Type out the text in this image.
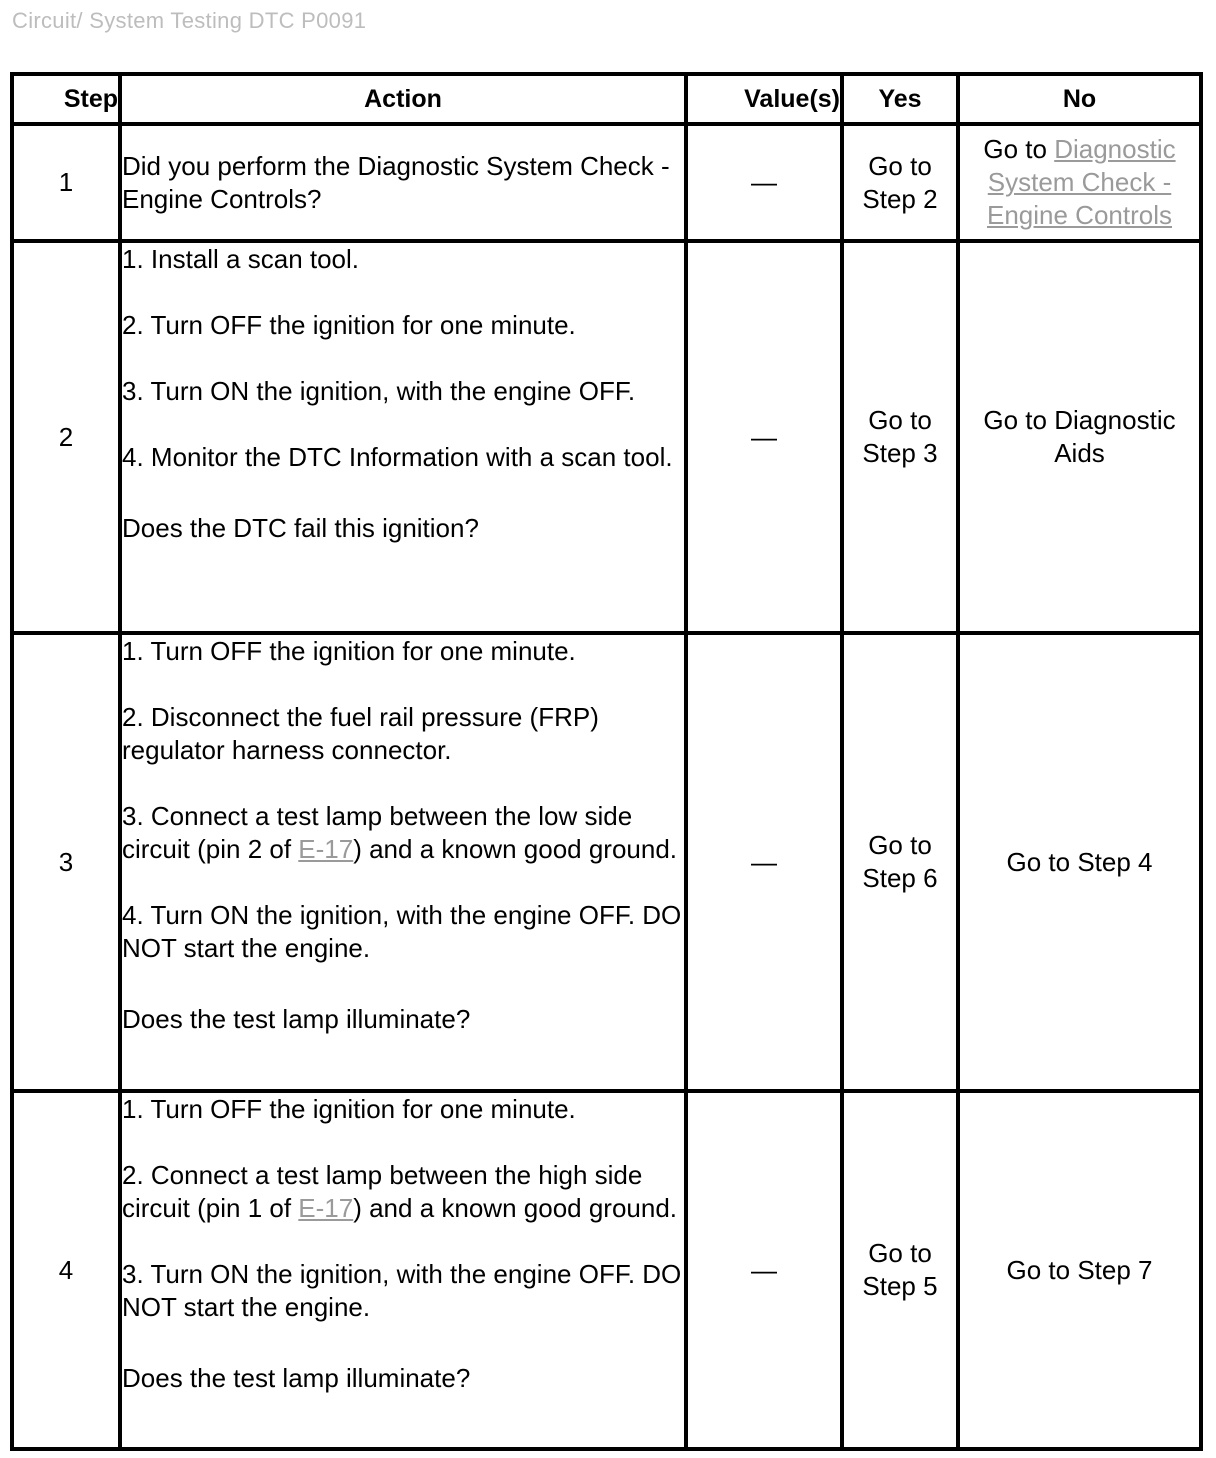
Circuit/ System Testing DTC P0091
Step	Action	Value(s)	Yes	No
1	Did you perform the Diagnostic System Check - Engine Controls?	—	Go to Step 2	Go to Diagnostic System Check - Engine Controls
2	1. Install a scan tool.

2. Turn OFF the ignition for one minute.

3. Turn ON the ignition, with the engine OFF.

4. Monitor the DTC Information with a scan tool.

Does the DTC fail this ignition?	—	Go to Step 3	Go to Diagnostic Aids
3	1. Turn OFF the ignition for one minute.

2. Disconnect the fuel rail pressure (FRP) regulator harness connector.

3. Connect a test lamp between the low side circuit (pin 2 of E-17) and a known good ground.

4. Turn ON the ignition, with the engine OFF. DO NOT start the engine.

Does the test lamp illuminate?	—	Go to Step 6	Go to Step 4
4	1. Turn OFF the ignition for one minute.

2. Connect a test lamp between the high side circuit (pin 1 of E-17) and a known good ground.

3. Turn ON the ignition, with the engine OFF. DO NOT start the engine.

Does the test lamp illuminate?	—	Go to Step 5	Go to Step 7
